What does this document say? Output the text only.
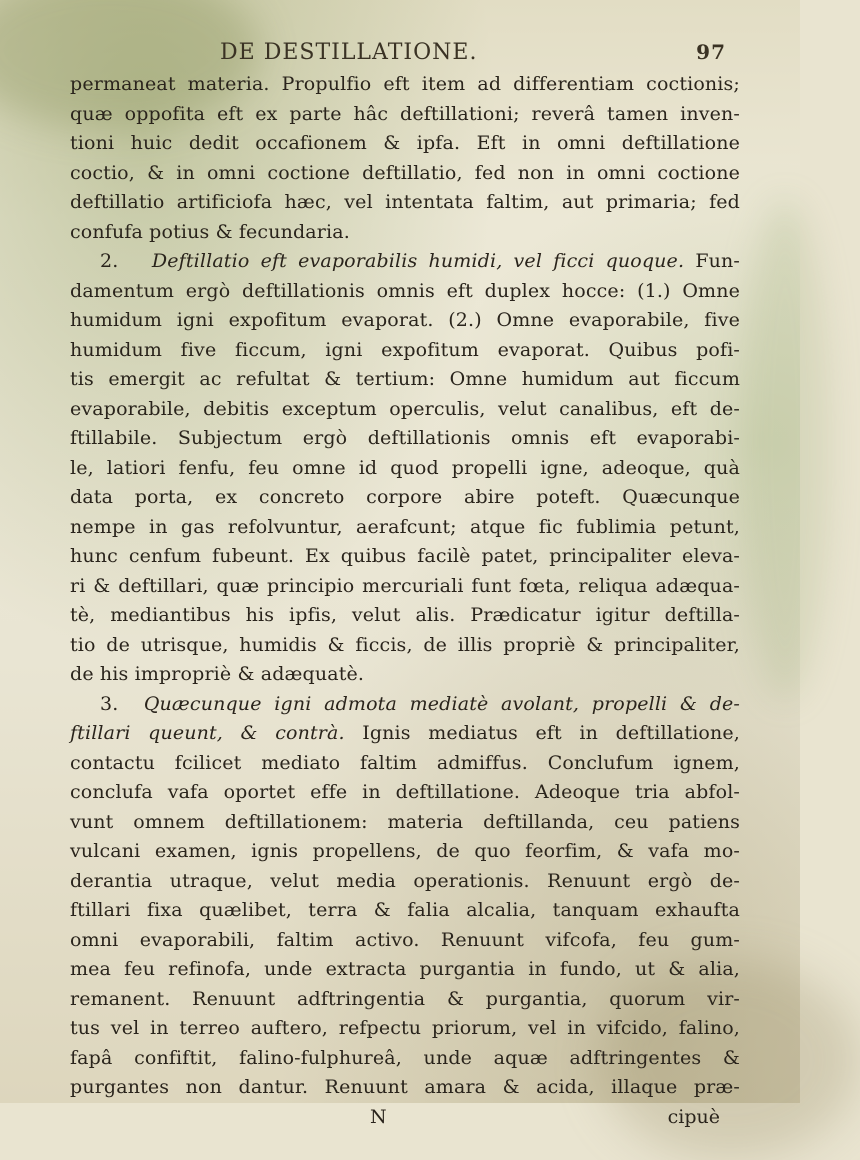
DE DESTILLATIONE.	97
permaneat materia. Propulfio eft item ad differentiam coctionis;
quæ oppofita eft ex parte hâc deftillationi; reverâ tamen inven-
tioni huic dedit occafionem & ipfa. Eft in omni deftillatione
coctio, & in omni coctione deftillatio, fed non in omni coctione
deftillatio artificiofa hæc, vel intentata faltim, aut primaria; fed
confufa potius & fecundaria.
2. Deftillatio eft evaporabilis humidi, vel ficci quoque. Fun-
damentum ergò deftillationis omnis eft duplex hocce: (1.) Omne
humidum igni expofitum evaporat. (2.) Omne evaporabile, five
humidum five ficcum, igni expofitum evaporat. Quibus pofi-
tis emergit ac refultat & tertium: Omne humidum aut ficcum
evaporabile, debitis exceptum operculis, velut canalibus, eft de-
ftillabile. Subjectum ergò deftillationis omnis eft evaporabi-
le, latiori fenfu, feu omne id quod propelli igne, adeoque, quà
data porta, ex concreto corpore abire poteft. Quæcunque
nempe in gas refolvuntur, aerafcunt; atque fic fublimia petunt,
hunc cenfum fubeunt. Ex quibus facilè patet, principaliter eleva-
ri & deftillari, quæ principio mercuriali funt fœta, reliqua adæqua-
tè, mediantibus his ipfis, velut alis. Prædicatur igitur deftilla-
tio de utrisque, humidis & ficcis, de illis propriè & principaliter,
de his impropriè & adæquatè.
3. Quæcunque igni admota mediatè avolant, propelli & de-
ftillari queunt, & contrà. Ignis mediatus eft in deftillatione,
contactu fcilicet mediato faltim admiffus. Conclufum ignem,
conclufa vafa oportet effe in deftillatione. Adeoque tria abfol-
vunt omnem deftillationem: materia deftillanda, ceu patiens
vulcani examen, ignis propellens, de quo feorfim, & vafa mo-
derantia utraque, velut media operationis. Renuunt ergò de-
ftillari fixa quælibet, terra & falia alcalia, tanquam exhaufta
omni evaporabili, faltim activo. Renuunt vifcofa, feu gum-
mea feu refinofa, unde extracta purgantia in fundo, ut & alia,
remanent. Renuunt adftringentia & purgantia, quorum vir-
tus vel in terreo aufterо, refpectu priorum, vel in vifcido, falino,
fapâ confiftit, falino-fulphureâ, unde aquæ adftringentes &
purgantes non dantur. Renuunt amara & acida, illaque præ-
N	cipuè
